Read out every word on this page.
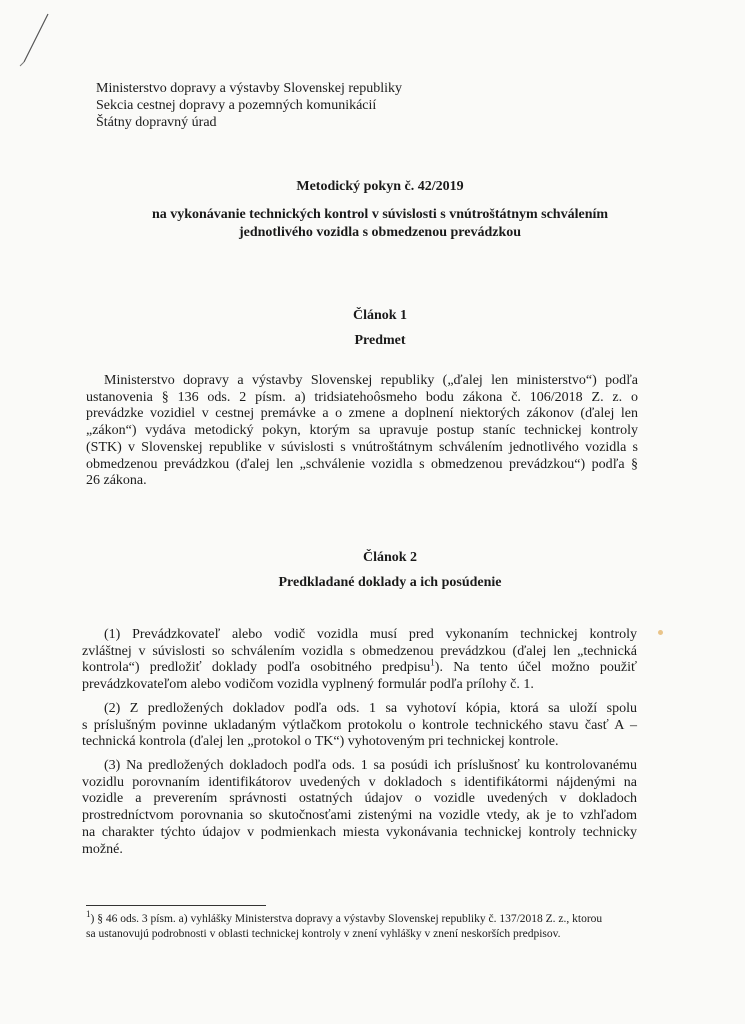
Ministerstvo dopravy a výstavby Slovenskej republiky
Sekcia cestnej dopravy a pozemných komunikácií
Štátny dopravný úrad
Metodický pokyn č. 42/2019
na vykonávanie technických kontrol v súvislosti s vnútroštátnym schválením
jednotlivého vozidla s obmedzenou prevádzkou
Článok 1
Predmet
Ministerstvo dopravy a výstavby Slovenskej republiky („ďalej len ministerstvo“) podľa
ustanovenia § 136 ods. 2 písm. a) tridsiatehoôsmeho bodu zákona č. 106/2018 Z. z. o
prevádzke vozidiel v cestnej premávke a o zmene a doplnení niektorých zákonov (ďalej len
„zákon“) vydáva metodický pokyn, ktorým sa upravuje postup staníc technickej kontroly
(STK) v Slovenskej republike v súvislosti s vnútroštátnym schválením jednotlivého vozidla s
obmedzenou prevádzkou (ďalej len „schválenie vozidla s obmedzenou prevádzkou“) podľa §
26 zákona.
Článok 2
Predkladané doklady a ich posúdenie
(1) Prevádzkovateľ alebo vodič vozidla musí pred vykonaním technickej kontroly
zvláštnej v súvislosti so schválením vozidla s obmedzenou prevádzkou (ďalej len „technická
kontrola“) predložiť doklady podľa osobitného predpisu$^1$). Na tento účel možno použiť
prevádzkovateľom alebo vodičom vozidla vyplnený formulár podľa prílohy č. 1.
(2) Z predložených dokladov podľa ods. 1 sa vyhotoví kópia, ktorá sa uloží spolu
s príslušným povinne ukladaným výtlačkom protokolu o kontrole technického stavu časť A –
technická kontrola (ďalej len „protokol o TK“) vyhotoveným pri technickej kontrole.
(3) Na predložených dokladoch podľa ods. 1 sa posúdi ich príslušnosť ku kontrolovanému
vozidlu porovnaním identifikátorov uvedených v dokladoch s identifikátormi nájdenými na
vozidle a preverením správnosti ostatných údajov o vozidle uvedených v dokladoch
prostredníctvom porovnania so skutočnosťami zistenými na vozidle vtedy, ak je to vzhľadom
na charakter týchto údajov v podmienkach miesta vykonávania technickej kontroly technicky
možné.
$^1$) § 46 ods. 3 písm. a) vyhlášky Ministerstva dopravy a výstavby Slovenskej republiky č. 137/2018 Z. z., ktorou
sa ustanovujú podrobnosti v oblasti technickej kontroly v znení vyhlášky v znení neskorších predpisov.
